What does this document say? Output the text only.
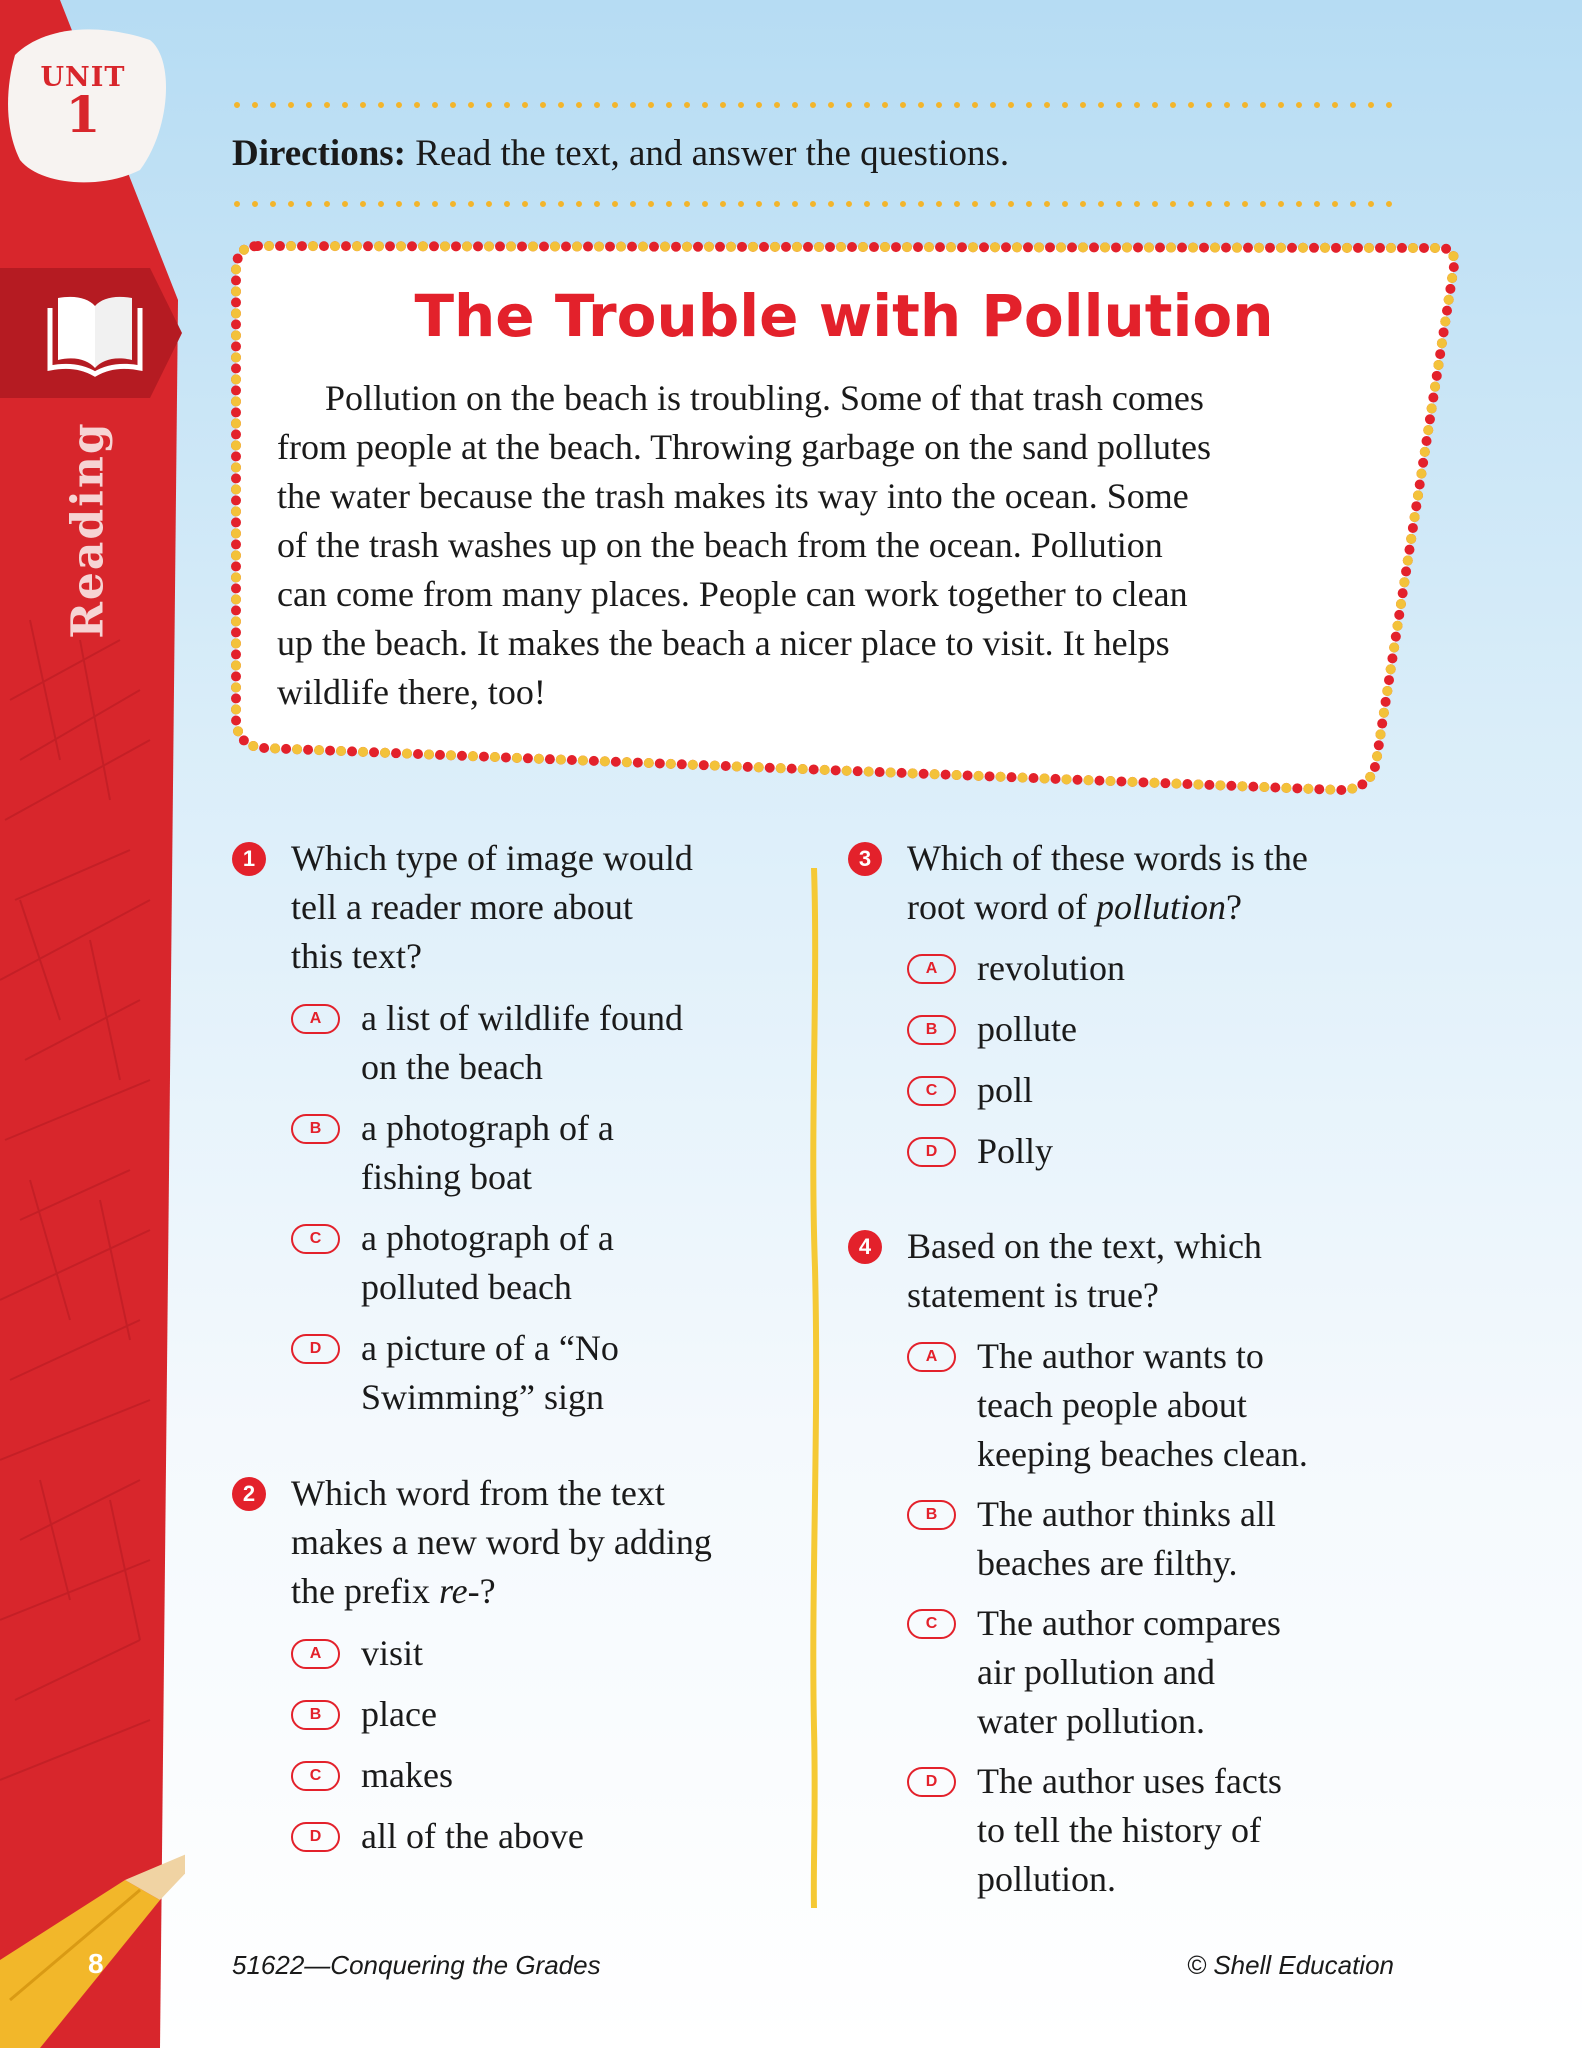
UNIT
1
Reading
8
Directions: Read the text, and answer the questions.
The Trouble with Pollution

Pollution on the beach is troubling. Some of that trash comes
from people at the beach. Throwing garbage on the sand pollutes
the water because the trash makes its way into the ocean. Some
of the trash washes up on the beach from the ocean. Pollution
can come from many places. People can work together to clean
up the beach. It makes the beach a nicer place to visit. It helps
wildlife there, too!

1 Which type of image would
tell a reader more about
this text?
A	a list of wildlife found
on the beach
B	a photograph of a
fishing boat
C	a photograph of a
polluted beach
D	a picture of a “No
Swimming” sign
2 Which word from the text
makes a new word by adding
the prefix re-?
A	visit
B	place
C	makes
D	all of the above
3 Which of these words is the
root word of pollution?
A	revolution
B	pollute
C	poll
D	Polly
4 Based on the text, which
statement is true?
A	The author wants to
teach people about
keeping beaches clean.
B	The author thinks all
beaches are filthy.
C	The author compares
air pollution and
water pollution.
D	The author uses facts
to tell the history of
pollution.
51622—Conquering the Grades	© Shell Education
